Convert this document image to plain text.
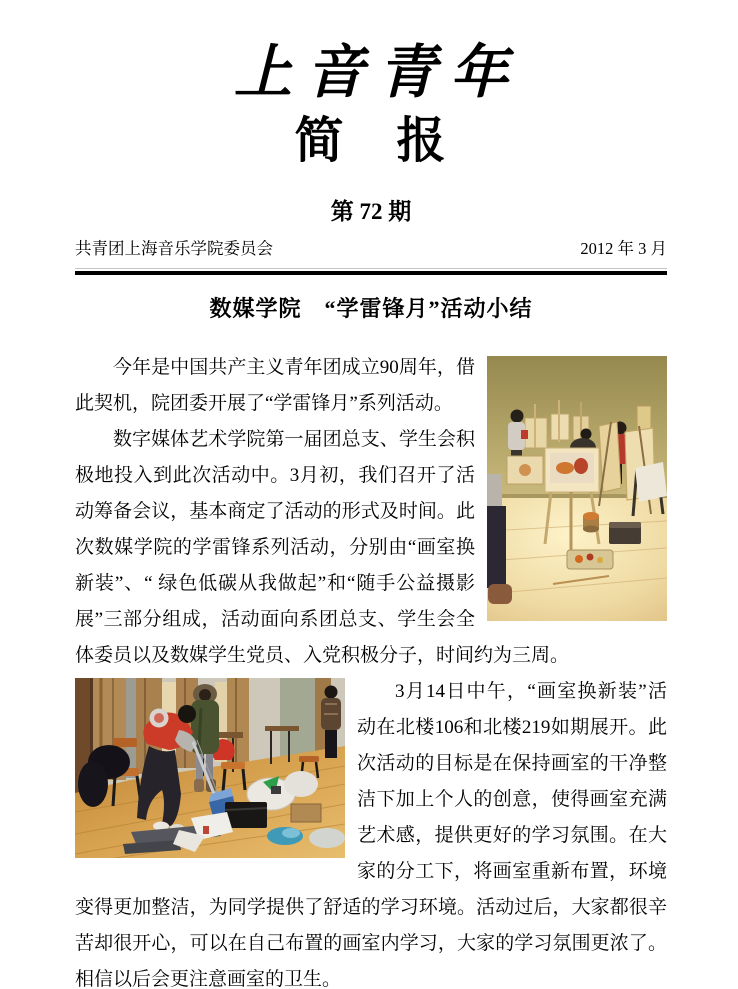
上音青年
简　报
第 72 期
共青团上海音乐学院委员会	2012 年 3 月
数媒学院　“学雷锋月”活动小结

今年是中国共产主义青年团成立90周年，借此契机，院团委开展了“学雷锋月”系列活动。

数字媒体艺术学院第一届团总支、学生会积极地投入到此次活动中。3月初，我们召开了活动筹备会议，基本商定了活动的形式及时间。此次数媒学院的学雷锋系列活动，分别由“画室换新装”、“ 绿色低碳从我做起”和“随手公益摄影展”三部分组成，活动面向系团总支、学生会全体委员以及数媒学生党员、入党积极分子，时间约为三周。

3月14日中午，“画室换新装”活动在北楼106和北楼219如期展开。此次活动的目标是在保持画室的干净整洁下加上个人的创意，使得画室充满艺术感，提供更好的学习氛围。在大家的分工下，将画室重新布置，环境变得更加整洁，为同学提供了舒适的学习环境。活动过后，大家都很辛苦却很开心，可以在自己布置的画室内学习，大家的学习氛围更浓了。相信以后会更注意画室的卫生。
